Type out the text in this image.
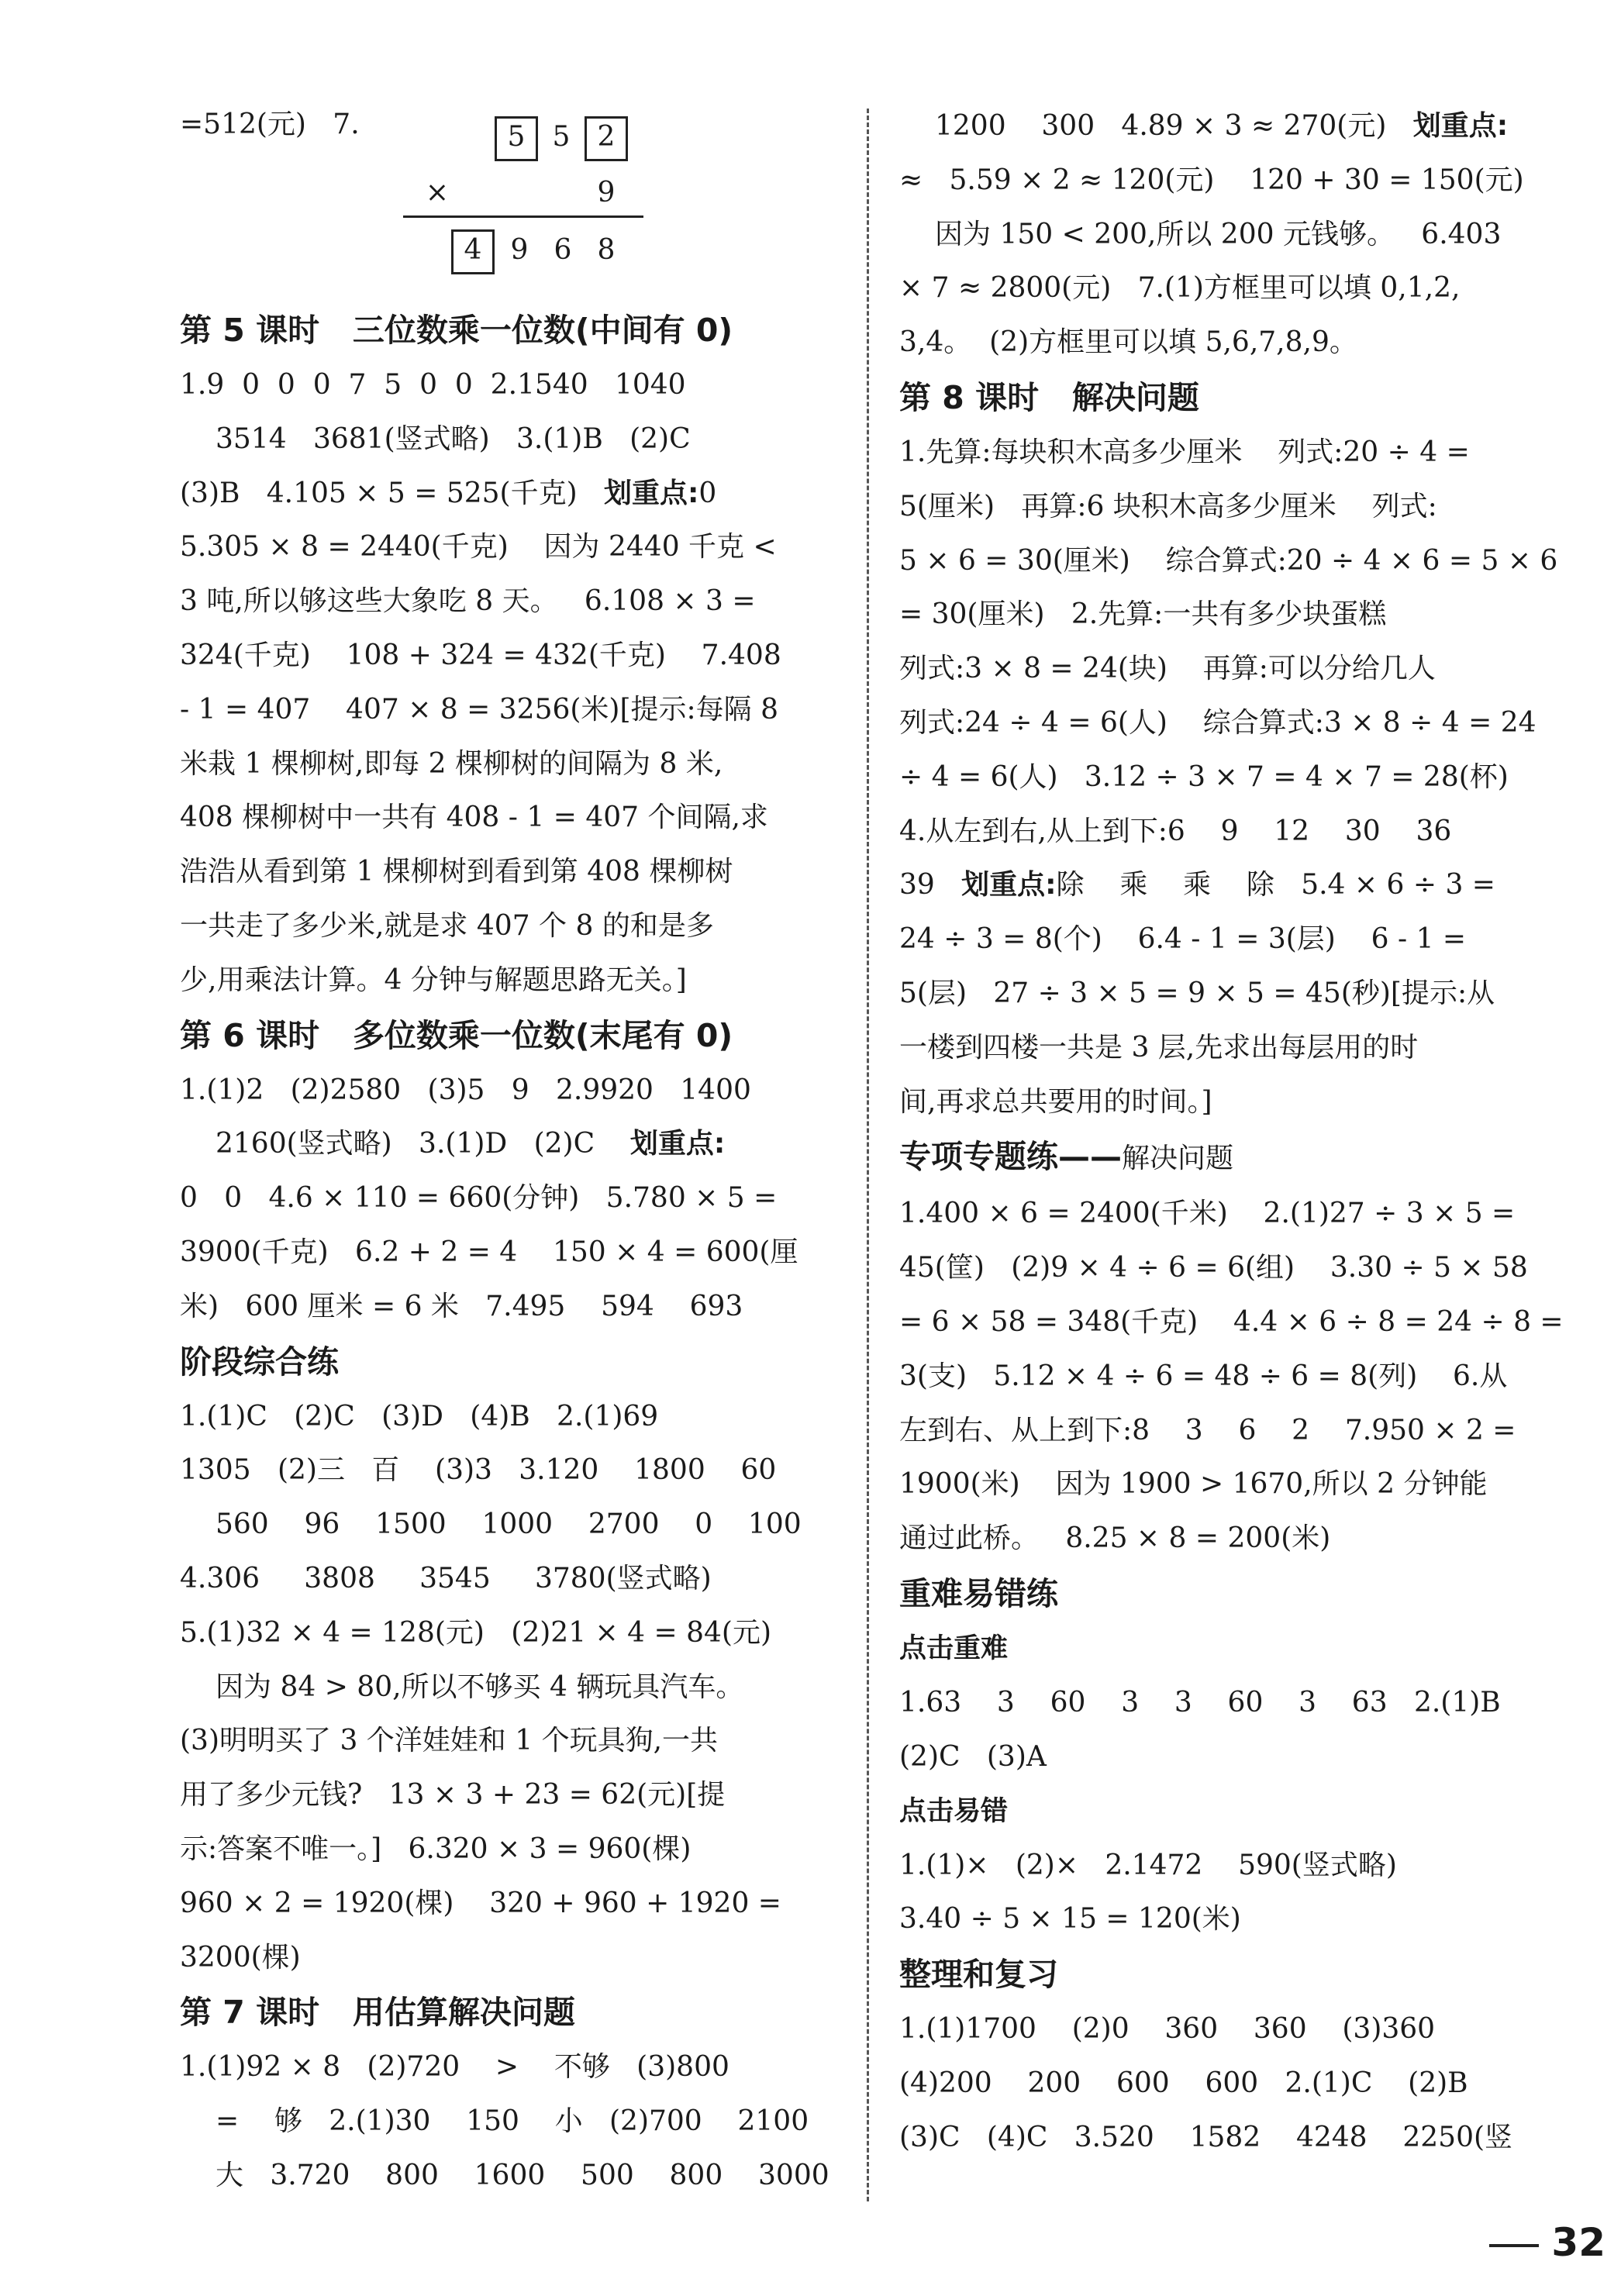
=512(元)   7.	5 5 2
×	9
4 9 6 8
第 5 课时   三位数乘一位数(中间有 0)
1.9  0  0  0  7  5  0  0  2.1540   1040
3514   3681(竖式略)   3.(1)B   (2)C
(3)B   4.105 × 5 = 525(千克)   划重点:0
5.305 × 8 = 2440(千克)    因为 2440 千克 <
3 吨,所以够这些大象吃 8 天。   6.108 × 3 =
324(千克)    108 + 324 = 432(千克)    7.408
- 1 = 407    407 × 8 = 3256(米)[提示:每隔 8
米栽 1 棵柳树,即每 2 棵柳树的间隔为 8 米,
408 棵柳树中一共有 408 - 1 = 407 个间隔,求
浩浩从看到第 1 棵柳树到看到第 408 棵柳树
一共走了多少米,就是求 407 个 8 的和是多
少,用乘法计算。4 分钟与解题思路无关。]
第 6 课时   多位数乘一位数(末尾有 0)
1.(1)2   (2)2580   (3)5   9   2.9920   1400
2160(竖式略)   3.(1)D   (2)C    划重点:
0   0   4.6 × 110 = 660(分钟)   5.780 × 5 =
3900(千克)   6.2 + 2 = 4    150 × 4 = 600(厘
米)   600 厘米 = 6 米   7.495    594    693
阶段综合练
1.(1)C   (2)C   (3)D   (4)B   2.(1)69
1305   (2)三   百    (3)3   3.120    1800    60
560    96    1500    1000    2700    0    100
4.306     3808     3545     3780(竖式略)
5.(1)32 × 4 = 128(元)   (2)21 × 4 = 84(元)
因为 84 > 80,所以不够买 4 辆玩具汽车。
(3)明明买了 3 个洋娃娃和 1 个玩具狗,一共
用了多少元钱?   13 × 3 + 23 = 62(元)[提
示:答案不唯一。]   6.320 × 3 = 960(棵)
960 × 2 = 1920(棵)    320 + 960 + 1920 =
3200(棵)
第 7 课时   用估算解决问题
1.(1)92 × 8   (2)720    >    不够   (3)800
=    够   2.(1)30    150    小   (2)700    2100
大   3.720    800    1600    500    800    3000
1200    300   4.89 × 3 ≈ 270(元)   划重点:
≈   5.59 × 2 ≈ 120(元)    120 + 30 = 150(元)
因为 150 < 200,所以 200 元钱够。   6.403
× 7 ≈ 2800(元)   7.(1)方框里可以填 0,1,2,
3,4。  (2)方框里可以填 5,6,7,8,9。
第 8 课时   解决问题
1.先算:每块积木高多少厘米    列式:20 ÷ 4 =
5(厘米)   再算:6 块积木高多少厘米    列式:
5 × 6 = 30(厘米)    综合算式:20 ÷ 4 × 6 = 5 × 6
= 30(厘米)   2.先算:一共有多少块蛋糕
列式:3 × 8 = 24(块)    再算:可以分给几人
列式:24 ÷ 4 = 6(人)    综合算式:3 × 8 ÷ 4 = 24
÷ 4 = 6(人)   3.12 ÷ 3 × 7 = 4 × 7 = 28(杯)
4.从左到右,从上到下:6    9    12    30    36
39   划重点:除    乘    乘    除   5.4 × 6 ÷ 3 =
24 ÷ 3 = 8(个)    6.4 - 1 = 3(层)    6 - 1 =
5(层)   27 ÷ 3 × 5 = 9 × 5 = 45(秒)[提示:从
一楼到四楼一共是 3 层,先求出每层用的时
间,再求总共要用的时间。]
专项专题练——解决问题
1.400 × 6 = 2400(千米)    2.(1)27 ÷ 3 × 5 =
45(筐)   (2)9 × 4 ÷ 6 = 6(组)    3.30 ÷ 5 × 58
= 6 × 58 = 348(千克)    4.4 × 6 ÷ 8 = 24 ÷ 8 =
3(支)   5.12 × 4 ÷ 6 = 48 ÷ 6 = 8(列)    6.从
左到右、从上到下:8    3    6    2    7.950 × 2 =
1900(米)    因为 1900 > 1670,所以 2 分钟能
通过此桥。   8.25 × 8 = 200(米)
重难易错练
点击重难
1.63    3    60    3    3    60    3    63   2.(1)B
(2)C   (3)A
点击易错
1.(1)×   (2)×   2.1472    590(竖式略)
3.40 ÷ 5 × 15 = 120(米)
整理和复习
1.(1)1700    (2)0    360    360    (3)360
(4)200    200    600    600   2.(1)C    (2)B
(3)C   (4)C   3.520    1582    4248    2250(竖
32
